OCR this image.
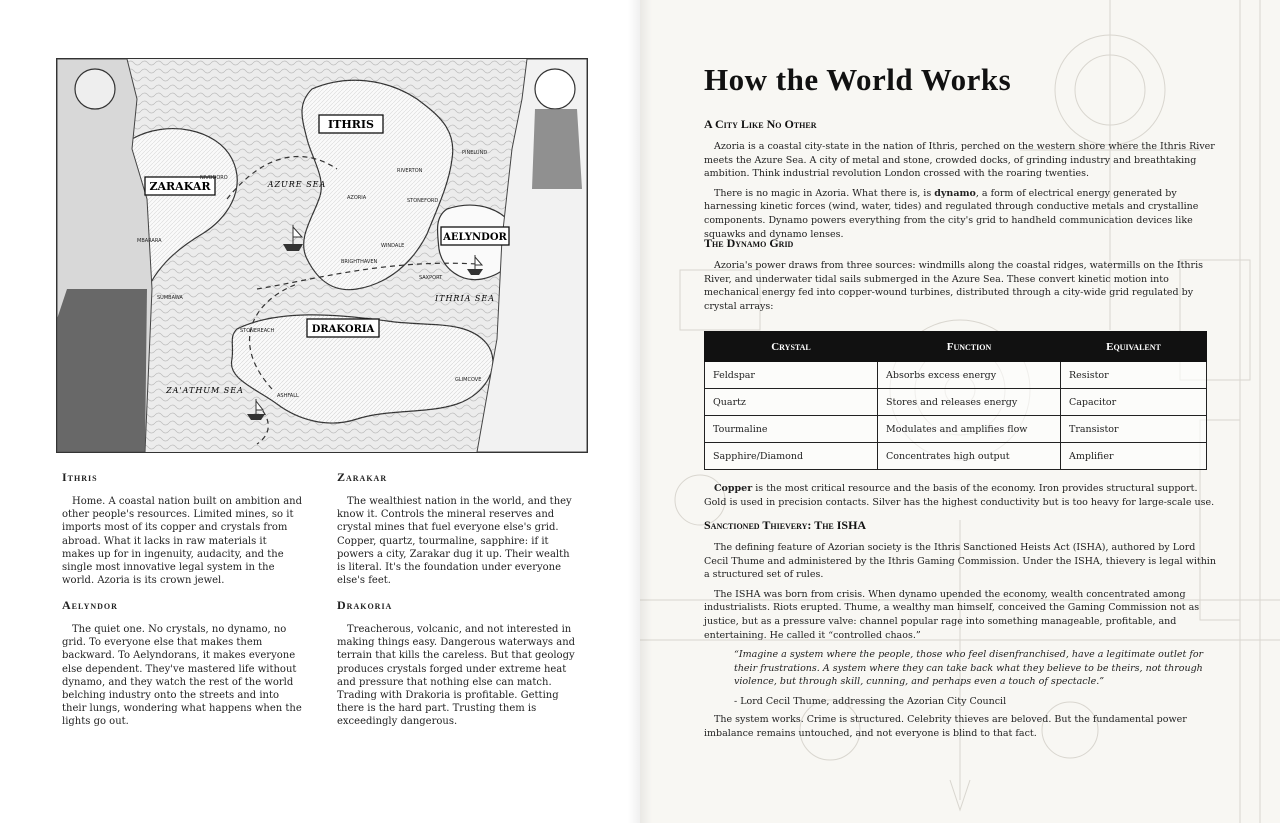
ITHRIS
ZARAKAR
AELYNDOR
DRAKORIA
AZURE SEA
ITHRIA SEA
ZA'ATHUM SEA
PINELUND
RIVERTON
STONEFORD
AZORIA
WINDALE
BRIGHTHAVEN
SAXPORT
NIVODORO
MBARARA
SUMBAWA
STONEREACH
ASHFALL
GLIMCOVE
Ithris

Home. A coastal nation built on ambition and other people's resources. Limited mines, so it imports most of its copper and crystals from abroad. What it lacks in raw materials it makes up for in ingenuity, audacity, and the single most innovative legal system in the world. Azoria is its crown jewel.

Zarakar

The wealthiest nation in the world, and they know it. Controls the mineral reserves and crystal mines that fuel everyone else's grid. Copper, quartz, tourmaline, sapphire: if it powers a city, Zarakar dug it up. Their wealth is literal. It's the foundation under everyone else's feet.

Aelyndor

The quiet one. No crystals, no dynamo, no grid. To everyone else that makes them backward. To Aelyndorans, it makes everyone else dependent. They've mastered life without dynamo, and they watch the rest of the world belching industry onto the streets and into their lungs, wondering what happens when the lights go out.

Drakoria

Treacherous, volcanic, and not interested in making things easy. Dangerous waterways and terrain that kills the careless. But that geology produces crystals forged under extreme heat and pressure that nothing else can match. Trading with Drakoria is profitable. Getting there is the hard part. Trusting them is exceedingly dangerous.

How the World Works
A City Like No Other

Azoria is a coastal city-state in the nation of Ithris, perched on the western shore where the Ithris River meets the Azure Sea. A city of metal and stone, crowded docks, of grinding industry and breathtaking ambition. Think industrial revolution London crossed with the roaring twenties.

There is no magic in Azoria. What there is, is dynamo, a form of electrical energy generated by harnessing kinetic forces (wind, water, tides) and regulated through conductive metals and crystalline components. Dynamo powers everything from the city's grid to handheld communication devices like squawks and dynamo lenses.

The Dynamo Grid

Azoria's power draws from three sources: windmills along the coastal ridges, watermills on the Ithris River, and underwater tidal sails submerged in the Azure Sea. These convert kinetic motion into mechanical energy fed into copper-wound turbines, distributed through a city-wide grid regulated by crystal arrays:

Crystal	Function	Equivalent
Feldspar	Absorbs excess energy	Resistor
Quartz	Stores and releases energy	Capacitor
Tourmaline	Modulates and amplifies flow	Transistor
Sapphire/Diamond	Concentrates high output	Amplifier

Copper is the most critical resource and the basis of the economy. Iron provides structural support. Gold is used in precision contacts. Silver has the highest conductivity but is too heavy for large-scale use.

Sanctioned Thievery: The ISHA

The defining feature of Azorian society is the Ithris Sanctioned Heists Act (ISHA), authored by Lord Cecil Thume and administered by the Ithris Gaming Commission. Under the ISHA, thievery is legal within a structured set of rules.

The ISHA was born from crisis. When dynamo upended the economy, wealth concentrated among industrialists. Riots erupted. Thume, a wealthy man himself, conceived the Gaming Commission not as justice, but as a pressure valve: channel popular rage into something manageable, profitable, and entertaining. He called it “controlled chaos.”

“Imagine a system where the people, those who feel disenfranchised, have a legitimate outlet for their frustrations. A system where they can take back what they believe to be theirs, not through violence, but through skill, cunning, and perhaps even a touch of spectacle.”

- Lord Cecil Thume, addressing the Azorian City Council

The system works. Crime is structured. Celebrity thieves are beloved. But the fundamental power imbalance remains untouched, and not everyone is blind to that fact.
